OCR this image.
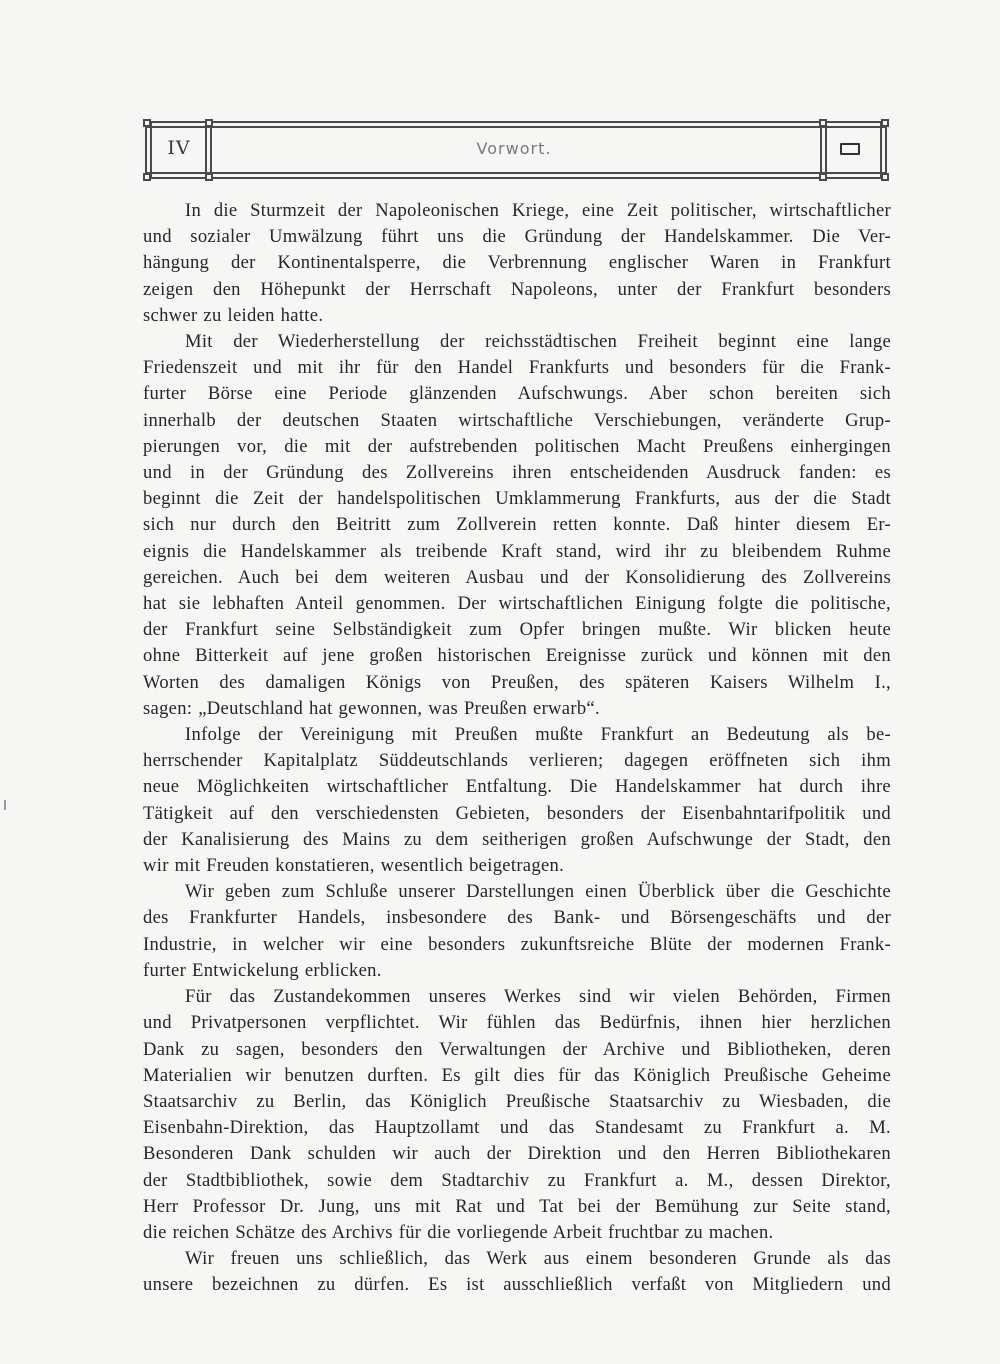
IV	Vorwort.
In die Sturmzeit der Napoleonischen Kriege, eine Zeit politischer, wirtschaftlicher
und sozialer Umwälzung führt uns die Gründung der Handelskammer. Die Ver-
hängung der Kontinentalsperre, die Verbrennung englischer Waren in Frankfurt
zeigen den Höhepunkt der Herrschaft Napoleons, unter der Frankfurt besonders
schwer zu leiden hatte.
Mit der Wiederherstellung der reichsstädtischen Freiheit beginnt eine lange
Friedenszeit und mit ihr für den Handel Frankfurts und besonders für die Frank-
furter Börse eine Periode glänzenden Aufschwungs. Aber schon bereiten sich
innerhalb der deutschen Staaten wirtschaftliche Verschiebungen, veränderte Grup-
pierungen vor, die mit der aufstrebenden politischen Macht Preußens einhergingen
und in der Gründung des Zollvereins ihren entscheidenden Ausdruck fanden: es
beginnt die Zeit der handelspolitischen Umklammerung Frankfurts, aus der die Stadt
sich nur durch den Beitritt zum Zollverein retten konnte. Daß hinter diesem Er-
eignis die Handelskammer als treibende Kraft stand, wird ihr zu bleibendem Ruhme
gereichen. Auch bei dem weiteren Ausbau und der Konsolidierung des Zollvereins
hat sie lebhaften Anteil genommen. Der wirtschaftlichen Einigung folgte die politische,
der Frankfurt seine Selbständigkeit zum Opfer bringen mußte. Wir blicken heute
ohne Bitterkeit auf jene großen historischen Ereignisse zurück und können mit den
Worten des damaligen Königs von Preußen, des späteren Kaisers Wilhelm I.,
sagen: „Deutschland hat gewonnen, was Preußen erwarb“.
Infolge der Vereinigung mit Preußen mußte Frankfurt an Bedeutung als be-
herrschender Kapitalplatz Süddeutschlands verlieren; dagegen eröffneten sich ihm
neue Möglichkeiten wirtschaftlicher Entfaltung. Die Handelskammer hat durch ihre
Tätigkeit auf den verschiedensten Gebieten, besonders der Eisenbahntarifpolitik und
der Kanalisierung des Mains zu dem seitherigen großen Aufschwunge der Stadt, den
wir mit Freuden konstatieren, wesentlich beigetragen.
Wir geben zum Schluße unserer Darstellungen einen Überblick über die Geschichte
des Frankfurter Handels, insbesondere des Bank- und Börsengeschäfts und der
Industrie, in welcher wir eine besonders zukunftsreiche Blüte der modernen Frank-
furter Entwickelung erblicken.
Für das Zustandekommen unseres Werkes sind wir vielen Behörden, Firmen
und Privatpersonen verpflichtet. Wir fühlen das Bedürfnis, ihnen hier herzlichen
Dank zu sagen, besonders den Verwaltungen der Archive und Bibliotheken, deren
Materialien wir benutzen durften. Es gilt dies für das Königlich Preußische Geheime
Staatsarchiv zu Berlin, das Königlich Preußische Staatsarchiv zu Wiesbaden, die
Eisenbahn-Direktion, das Hauptzollamt und das Standesamt zu Frankfurt a. M.
Besonderen Dank schulden wir auch der Direktion und den Herren Bibliothekaren
der Stadtbibliothek, sowie dem Stadtarchiv zu Frankfurt a. M., dessen Direktor,
Herr Professor Dr. Jung, uns mit Rat und Tat bei der Bemühung zur Seite stand,
die reichen Schätze des Archivs für die vorliegende Arbeit fruchtbar zu machen.
Wir freuen uns schließlich, das Werk aus einem besonderen Grunde als das
unsere bezeichnen zu dürfen. Es ist ausschließlich verfaßt von Mitgliedern und
